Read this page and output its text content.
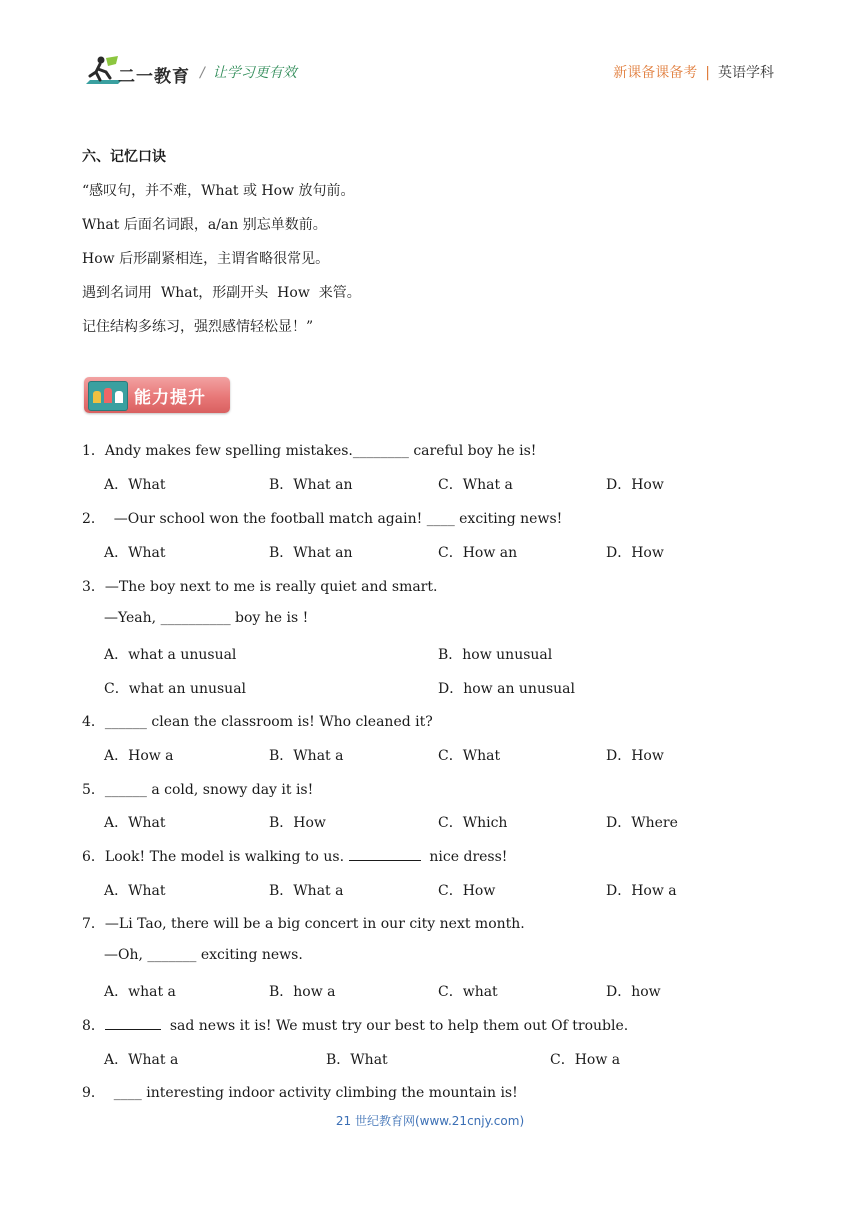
二一教育 / 让学习更有效	新课备课备考 | 英语学科
六、记忆口诀
“感叹句，并不难，What 或 How 放句前。
What 后面名词跟，a/an 别忘单数前。
How 后形副紧相连，主谓省略很常见。
遇到名词用  What，形副开头  How  来管。
记住结构多练习，强烈感情轻松显！”
能力提升
1．Andy makes few spelling mistakes.________ careful boy he is!
A．What	B．What an	C．What a	D．How
2．  —Our school won the football match again! ____ exciting news!
A．What	B．What an	C．How an	D．How
3．—The boy next to me is really quiet and smart.
—Yeah, __________ boy he is !
A．what a unusual	B．how unusual
C．what an unusual	D．how an unusual
4．______ clean the classroom is! Who cleaned it?
A．How a	B．What a	C．What	D．How
5．______ a cold, snowy day it is!
A．What	B．How	C．Which	D．Where
6．Look! The model is walking to us.	nice dress!
A．What	B．What a	C．How	D．How a
7．—Li Tao, there will be a big concert in our city next month.
—Oh, _______ exciting news.
A．what a	B．how a	C．what	D．how
8．	sad news it is! We must try our best to help them out Of trouble.
A．What a	B．What	C．How a
9．  ____ interesting indoor activity climbing the mountain is!
21 世纪教育网(www.21cnjy.com)
